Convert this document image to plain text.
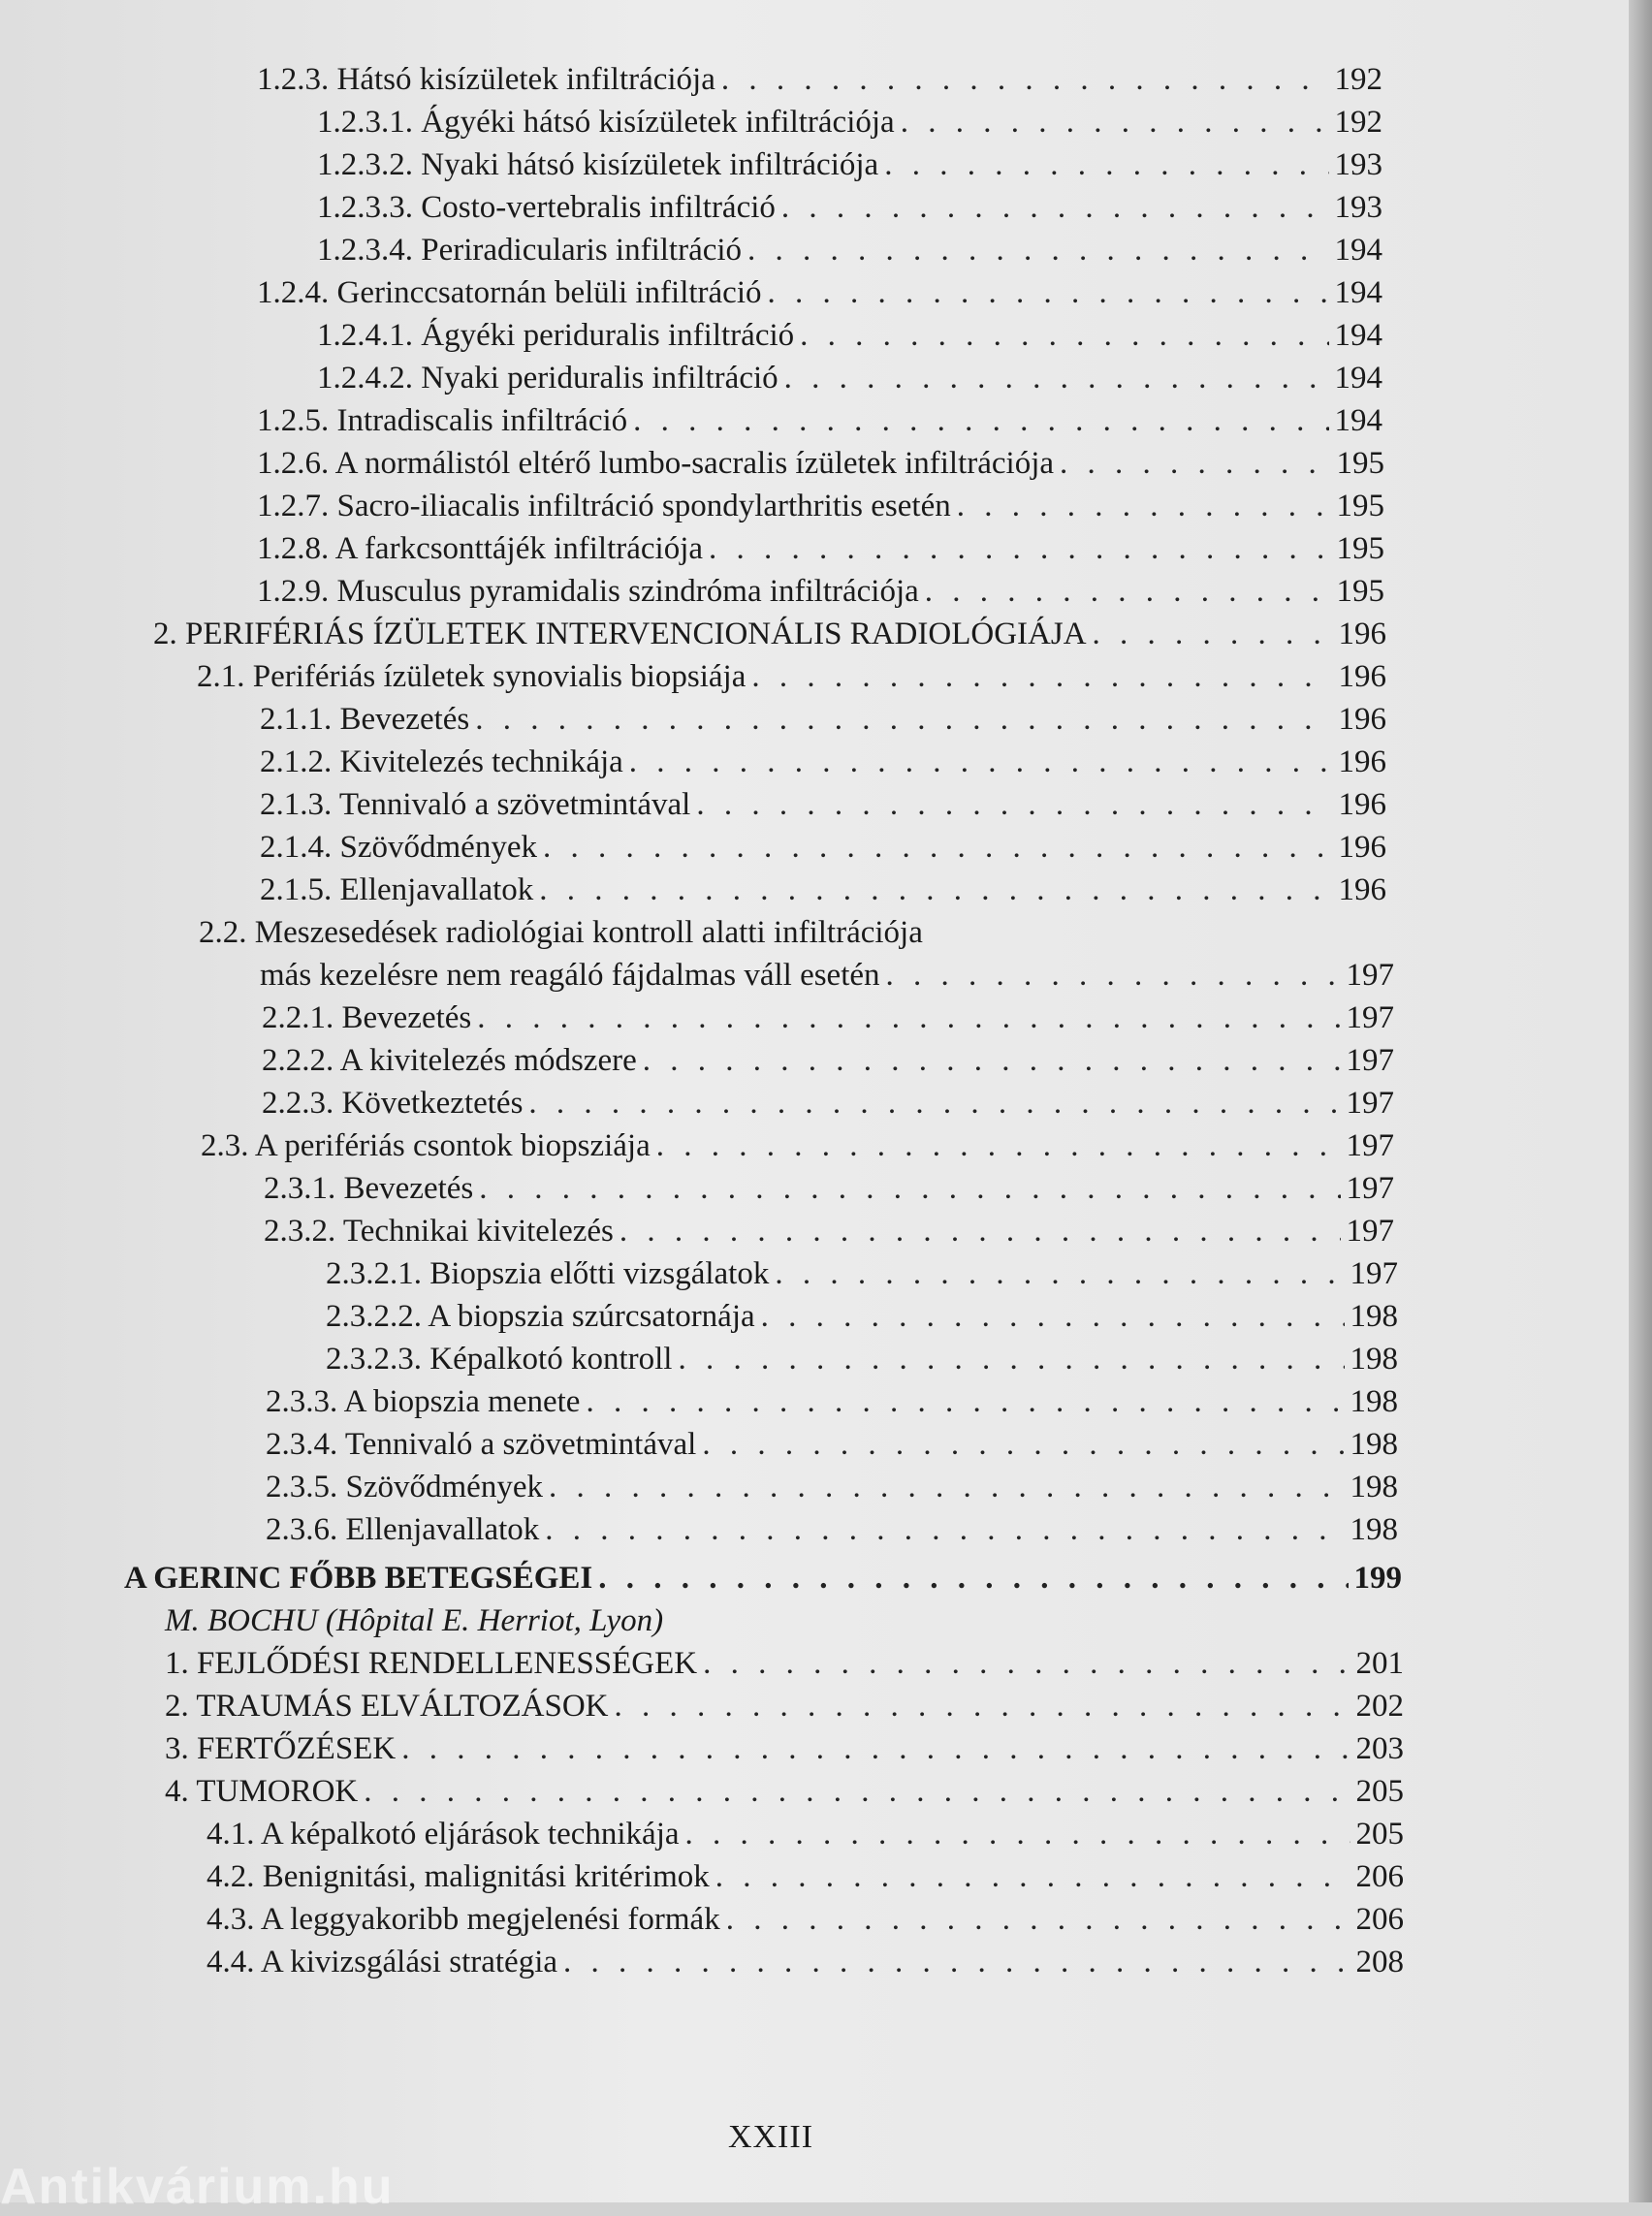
1.2.3. Hátsó kisízületek infiltrációja . . .	192
1.2.3.1. Ágyéki hátsó kisízületek infiltrációja . . .	192
1.2.3.2. Nyaki hátsó kisízületek infiltrációja . . .	193
1.2.3.3. Costo-vertebralis infiltráció . . .	193
1.2.3.4. Periradicularis infiltráció . . .	194
1.2.4. Gerinccsatornán belüli infiltráció . . .	194
1.2.4.1. Ágyéki periduralis infiltráció . . .	194
1.2.4.2. Nyaki periduralis infiltráció . . .	194
1.2.5. Intradiscalis infiltráció . . .	194
1.2.6. A normálistól eltérő lumbo-sacralis ízületek infiltrációja . . .	195
1.2.7. Sacro-iliacalis infiltráció spondylarthritis esetén . . .	195
1.2.8. A farkcsonttájék infiltrációja . . .	195
1.2.9. Musculus pyramidalis szindróma infiltrációja . . .	195
2. PERIFÉRIÁS ÍZÜLETEK INTERVENCIONÁLIS RADIOLÓGIÁJA . . .	196
2.1. Perifériás ízületek synovialis biopsiája . . .	196
2.1.1. Bevezetés . . .	196
2.1.2. Kivitelezés technikája . . .	196
2.1.3. Tennivaló a szövetmintával . . .	196
2.1.4. Szövődmények . . .	196
2.1.5. Ellenjavallatok . . .	196
2.2. Meszesedések radiológiai kontroll alatti infiltrációja
más kezelésre nem reagáló fájdalmas váll esetén . . .	197
2.2.1. Bevezetés . . .	197
2.2.2. A kivitelezés módszere . . .	197
2.2.3. Következtetés . . .	197
2.3. A perifériás csontok biopsziája . . .	197
2.3.1. Bevezetés . . .	197
2.3.2. Technikai kivitelezés . . .	197
2.3.2.1. Biopszia előtti vizsgálatok . . .	197
2.3.2.2. A biopszia szúrcsatornája . . .	198
2.3.2.3. Képalkotó kontroll . . .	198
2.3.3. A biopszia menete . . .	198
2.3.4. Tennivaló a szövetmintával . . .	198
2.3.5. Szövődmények . . .	198
2.3.6. Ellenjavallatok . . .	198
A GERINC FŐBB BETEGSÉGEI . . .	199
M. BOCHU (Hôpital E. Herriot, Lyon)
1. FEJLŐDÉSI RENDELLENESSÉGEK . . .	201
2. TRAUMÁS ELVÁLTOZÁSOK . . .	202
3. FERTŐZÉSEK . . .	203
4. TUMOROK . . .	205
4.1. A képalkotó eljárások technikája . . .	205
4.2. Benignitási, malignitási kritérimok . . .	206
4.3. A leggyakoribb megjelenési formák . . .	206
4.4. A kivizsgálási stratégia . . .	208
XXIII
Antikvárium.hu
